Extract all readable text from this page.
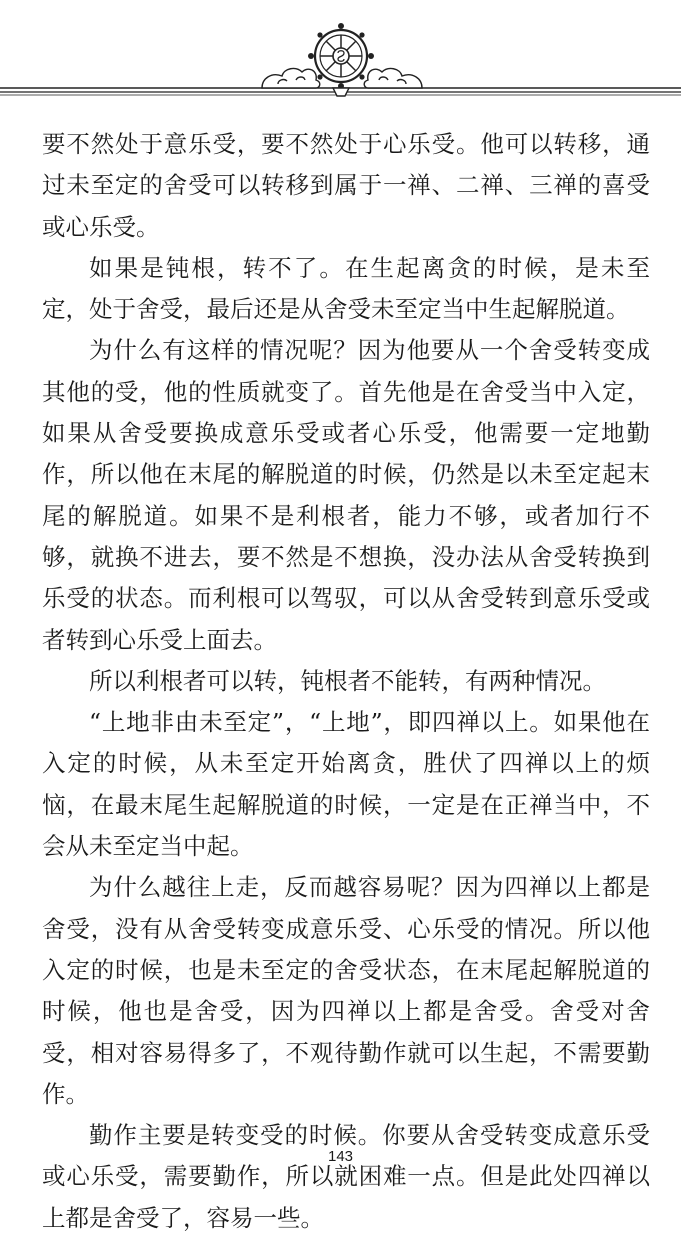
要不然处于意乐受，要不然处于心乐受。他可以转移，通过未至定的舍受可以转移到属于一禅、二禅、三禅的喜受或心乐受。

如果是钝根，转不了。在生起离贪的时候，是未至定，处于舍受，最后还是从舍受未至定当中生起解脱道。

为什么有这样的情况呢？因为他要从一个舍受转变成其他的受，他的性质就变了。首先他是在舍受当中入定，如果从舍受要换成意乐受或者心乐受，他需要一定地勤作，所以他在末尾的解脱道的时候，仍然是以未至定起末尾的解脱道。如果不是利根者，能力不够，或者加行不够，就换不进去，要不然是不想换，没办法从舍受转换到乐受的状态。而利根可以驾驭，可以从舍受转到意乐受或者转到心乐受上面去。

所以利根者可以转，钝根者不能转，有两种情况。

“上地非由未至定”，“上地”，即四禅以上。如果他在入定的时候，从未至定开始离贪，胜伏了四禅以上的烦恼，在最末尾生起解脱道的时候，一定是在正禅当中，不会从未至定当中起。

为什么越往上走，反而越容易呢？因为四禅以上都是舍受，没有从舍受转变成意乐受、心乐受的情况。所以他入定的时候，也是未至定的舍受状态，在末尾起解脱道的时候，他也是舍受，因为四禅以上都是舍受。舍受对舍受，相对容易得多了，不观待勤作就可以生起，不需要勤作。

勤作主要是转变受的时候。你要从舍受转变成意乐受或心乐受，需要勤作，所以就困难一点。但是此处四禅以上都是舍受了，容易一些。

143
